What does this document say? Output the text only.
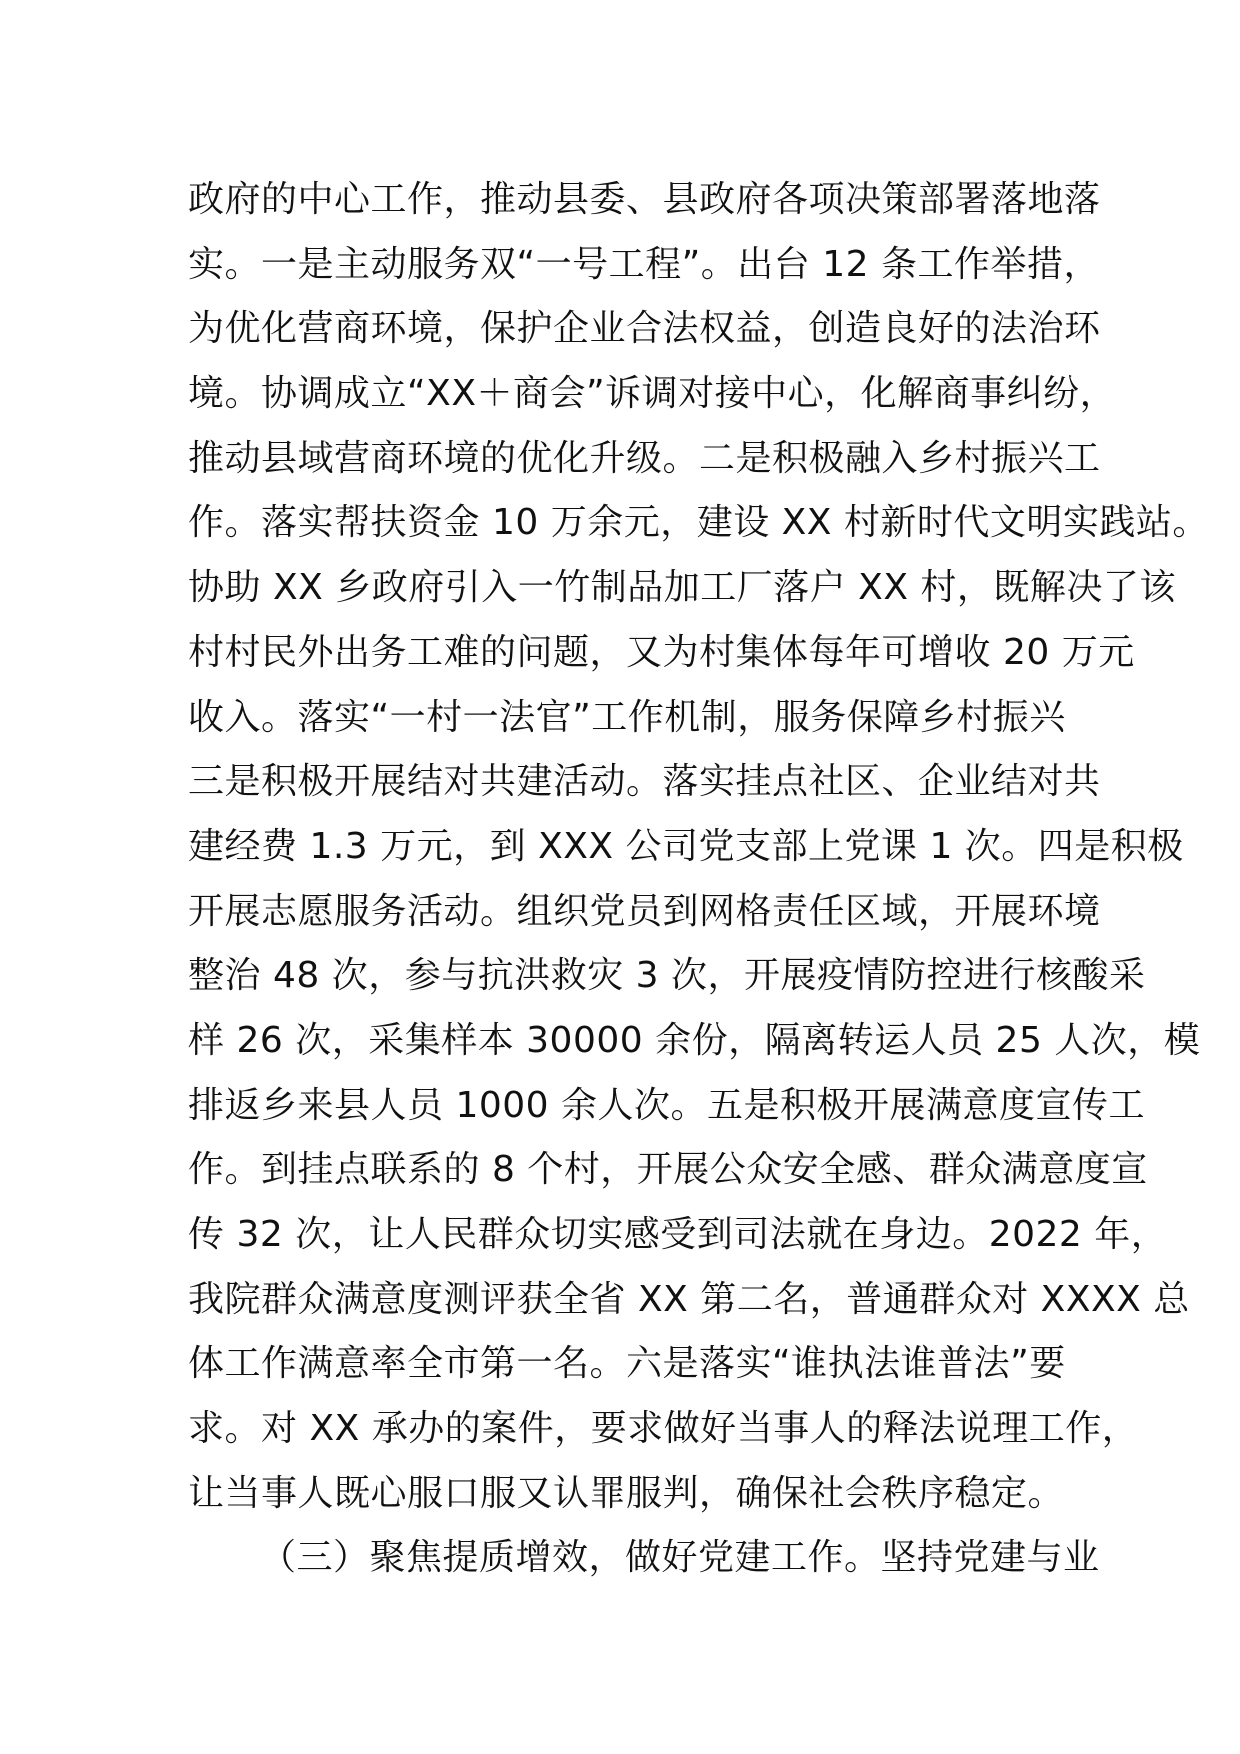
政府的中心工作，推动县委、县政府各项决策部署落地落
实。一是主动服务双“一号工程”。出台 12 条工作举措，
为优化营商环境，保护企业合法权益，创造良好的法治环
境。协调成立“XX＋商会”诉调对接中心，化解商事纠纷，
推动县域营商环境的优化升级。二是积极融入乡村振兴工
作。落实帮扶资金 10 万余元，建设 XX 村新时代文明实践站。
协助 XX 乡政府引入一竹制品加工厂落户 XX 村，既解决了该
村村民外出务工难的问题，又为村集体每年可增收 20 万元
收入。落实“一村一法官”工作机制，服务保障乡村振兴
三是积极开展结对共建活动。落实挂点社区、企业结对共
建经费 1.3 万元，到 XXX 公司党支部上党课 1 次。四是积极
开展志愿服务活动。组织党员到网格责任区域，开展环境
整治 48 次，参与抗洪救灾 3 次，开展疫情防控进行核酸采
样 26 次，采集样本 30000 余份，隔离转运人员 25 人次，模
排返乡来县人员 1000 余人次。五是积极开展满意度宣传工
作。到挂点联系的 8 个村，开展公众安全感、群众满意度宣
传 32 次，让人民群众切实感受到司法就在身边。2022 年，
我院群众满意度测评获全省 XX 第二名，普通群众对 XXXX 总
体工作满意率全市第一名。六是落实“谁执法谁普法”要
求。对 XX 承办的案件，要求做好当事人的释法说理工作，
让当事人既心服口服又认罪服判，确保社会秩序稳定。
（三）聚焦提质增效，做好党建工作。坚持党建与业
